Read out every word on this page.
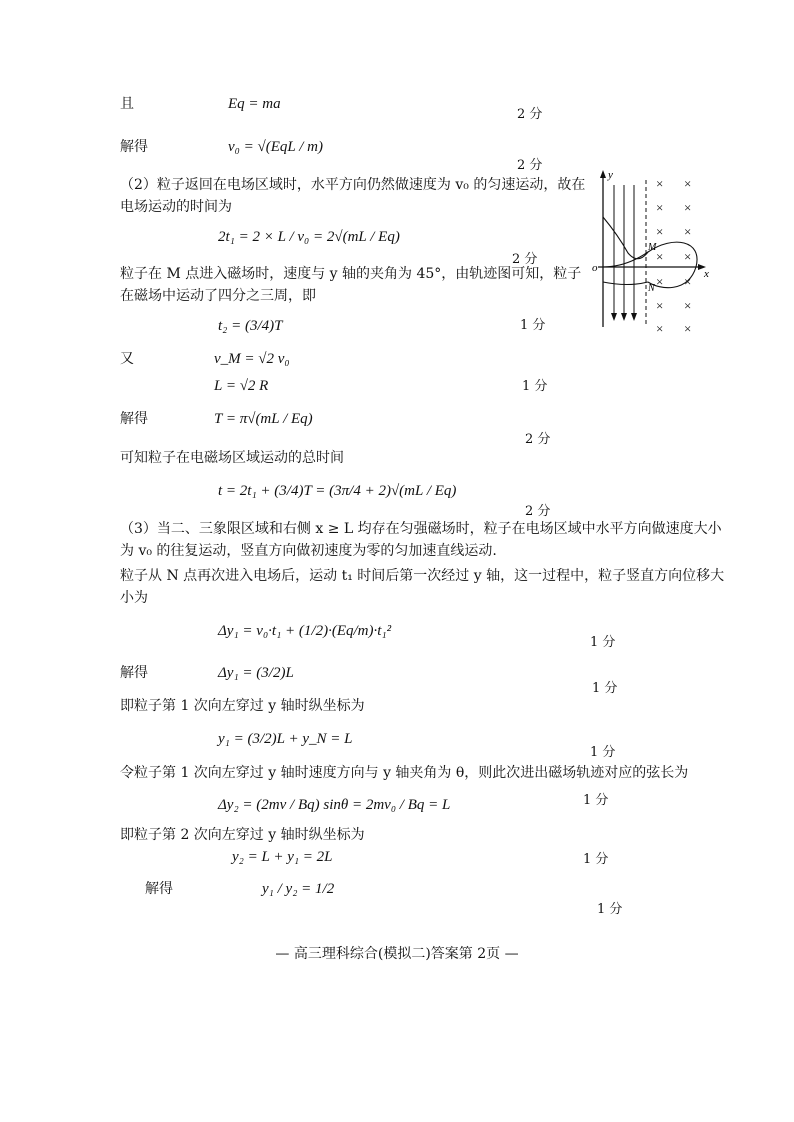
且
解得
（2）粒子返回在电场区域时，水平方向仍然做速度为 v₀ 的匀速运动，故在
电场运动的时间为
粒子在 M 点进入磁场时，速度与 y 轴的夹角为 45°，由轨迹图可知，粒子
在磁场中运动了四分之三周，即
又
解得
可知粒子在电磁场区域运动的总时间
（3）当二、三象限区域和右侧 x ≥ L 均存在匀强磁场时，粒子在电场区域中水平方向做速度大小
为 v₀ 的往复运动，竖直方向做初速度为零的匀加速直线运动.
粒子从 N 点再次进入电场后，运动 t₁ 时间后第一次经过 y 轴，这一过程中，粒子竖直方向位移大
小为
解得
即粒子第 1 次向左穿过 y 轴时纵坐标为
令粒子第 1 次向左穿过 y 轴时速度方向与 y 轴夹角为 θ，则此次进出磁场轨迹对应的弦长为
即粒子第 2 次向左穿过 y 轴时纵坐标为
解得
Eq = ma
v₀ = √(EqL / m)
2t₁ = 2 × L / v₀ = 2√(mL / Eq)
t₂ = (3/4)T
v_M = √2 v₀
L = √2 R
T = π√(mL / Eq)
t = 2t₁ + (3/4)T = (3π/4 + 2)√(mL / Eq)
Δy₁ = v₀·t₁ + (1/2)·(Eq/m)·t₁²
Δy₁ = (3/2)L
y₁ = (3/2)L + y_N = L
Δy₂ = (2mv / Bq) sinθ = 2mv₀ / Bq = L
y₂ = L + y₁ = 2L
y₁ / y₂ = 1/2
2 分
2 分
2 分
1 分
1 分
2 分
2 分
1 分
1 分
1 分
1 分
1 分
1 分
y
x
o
M
N
× ×
× ×
× ×
× ×
× ×
× ×
× ×
— 高三理科综合(模拟二)答案第 2页 —
